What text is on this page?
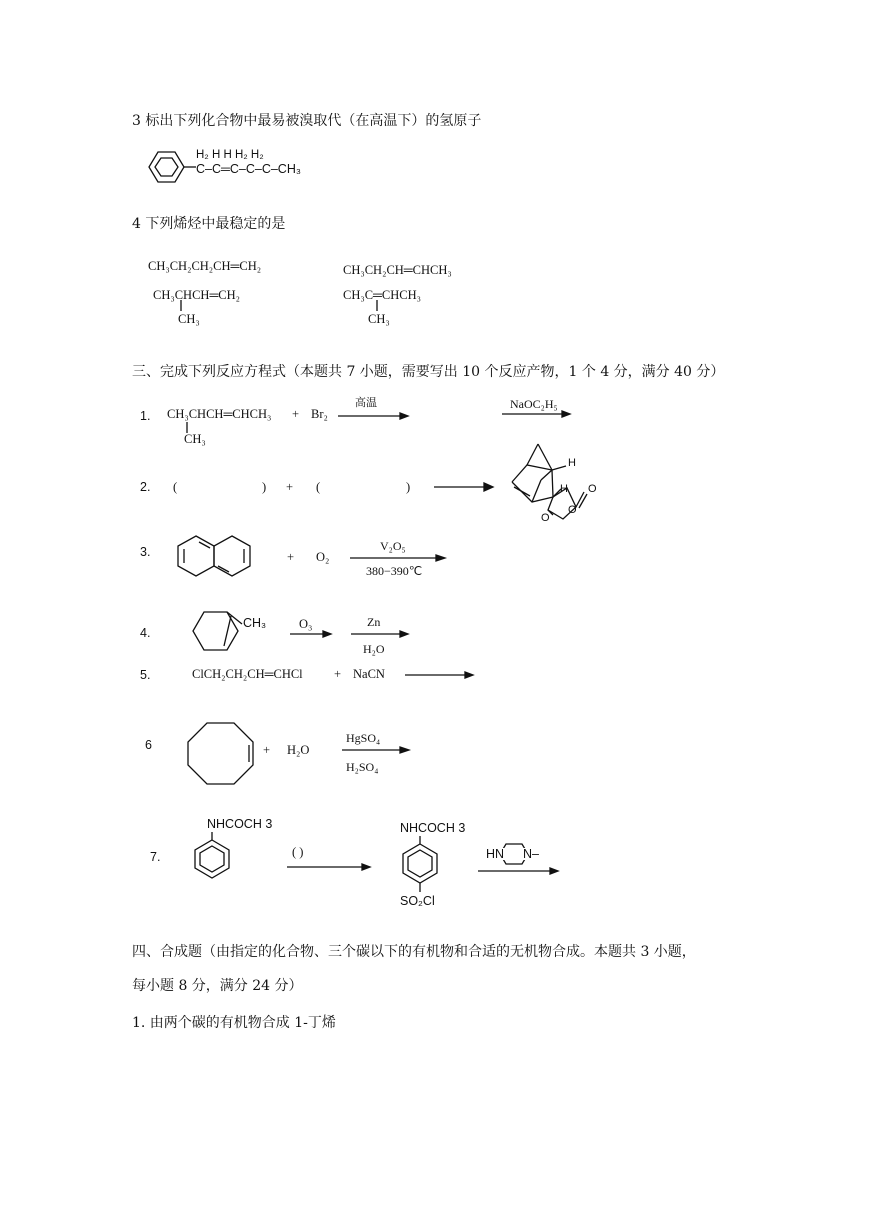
3 标出下列化合物中最易被溴取代（在高温下）的氢原子
H₂ H H H₂ H₂
C–C═C–C–C–CH₃
4 下列烯烃中最稳定的是
CH₃CH₂CH₂CH═CH₂
CH₃CHCH═CH₂
CH₃
CH₃CH₂CH═CHCH₃
CH₃C═CHCH₃
CH₃
三、完成下列反应方程式（本题共 7 小题，需要写出 10 个反应产物，1 个 4 分，满分 40 分）
1. CH₃CHCH═CHCH₃
CH₃
+ Br₂
高温	NaOC₂H₅
2. (	) + (	)
H
H O
O
O
3.	+ O₂
V₂O₅
380−390℃
4.
CH₃	O₃	Zn
H₂O
5.	ClCH₂CH₂CH═CHCl	+ NaCN
6	+ H₂O
HgSO₄
H₂SO₄
7.
NHCOCH 3
( )
NHCOCH 3
SO₂Cl
HN N–
四、合成题（由指定的化合物、三个碳以下的有机物和合适的无机物合成。本题共 3 小题，
每小题 8 分，满分 24 分）
1. 由两个碳的有机物合成 1-丁烯
